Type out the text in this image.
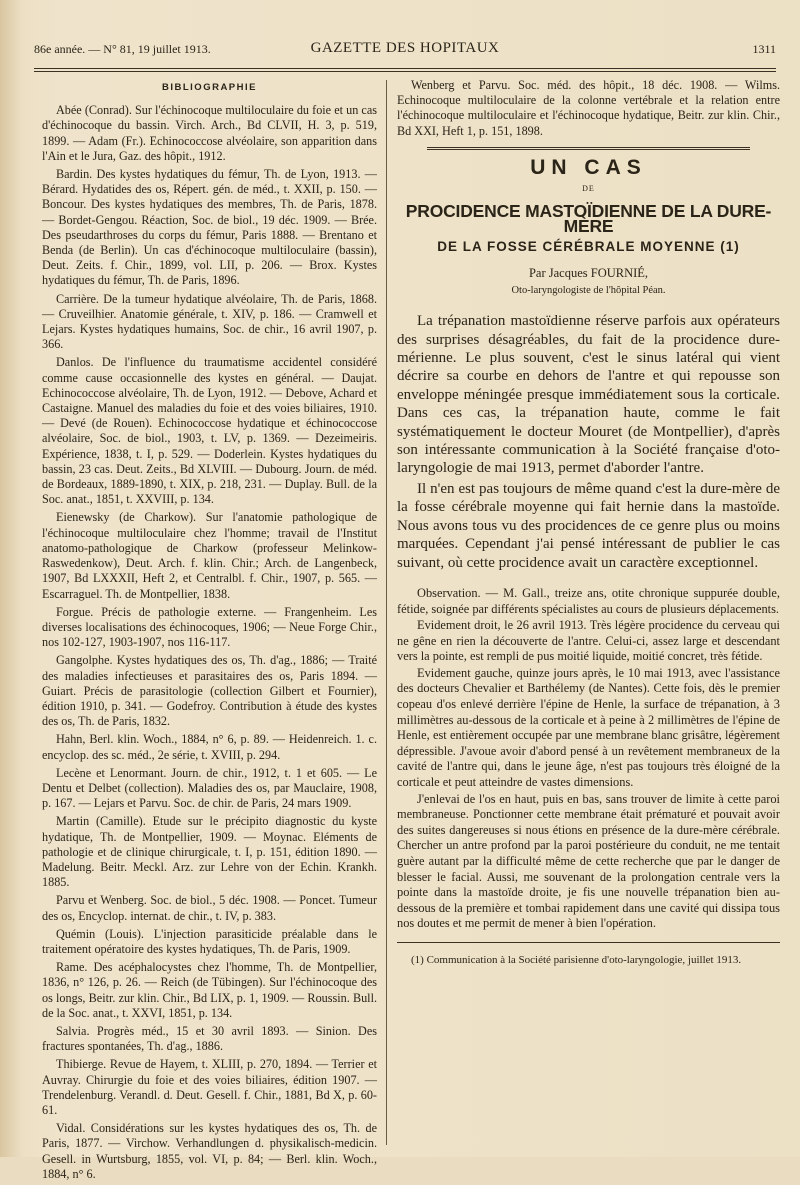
86e année. — N° 81, 19 juillet 1913.	GAZETTE DES HOPITAUX	1311
BIBLIOGRAPHIE

Abée (Conrad). Sur l'échinocoque multiloculaire du foie et un cas d'échinocoque du bassin. Virch. Arch., Bd CLVII, H. 3, p. 519, 1899. — Adam (Fr.). Echinococcose alvéolaire, son apparition dans l'Ain et le Jura, Gaz. des hôpit., 1912.

Bardin. Des kystes hydatiques du fémur, Th. de Lyon, 1913. — Bérard. Hydatides des os, Répert. gén. de méd., t. XXII, p. 150. — Boncour. Des kystes hydatiques des membres, Th. de Paris, 1878. — Bordet-Gengou. Réaction, Soc. de biol., 19 déc. 1909. — Brée. Des pseudarthroses du corps du fémur, Paris 1888. — Brentano et Benda (de Berlin). Un cas d'échinocoque multiloculaire (bassin), Deut. Zeits. f. Chir., 1899, vol. LII, p. 206. — Brox. Kystes hydatiques du fémur, Th. de Paris, 1896.

Carrière. De la tumeur hydatique alvéolaire, Th. de Paris, 1868. — Cruveilhier. Anatomie générale, t. XIV, p. 186. — Cramwell et Lejars. Kystes hydatiques humains, Soc. de chir., 16 avril 1907, p. 366.

Danlos. De l'influence du traumatisme accidentel considéré comme cause occasionnelle des kystes en général. — Daujat. Echinococcose alvéolaire, Th. de Lyon, 1912. — Debove, Achard et Castaigne. Manuel des maladies du foie et des voies biliaires, 1910. — Devé (de Rouen). Echinococcose hydatique et échinococcose alvéolaire, Soc. de biol., 1903, t. LV, p. 1369. — Dezeimeiris. Expérience, 1838, t. I, p. 529. — Doderlein. Kystes hydatiques du bassin, 23 cas. Deut. Zeits., Bd XLVIII. — Dubourg. Journ. de méd. de Bordeaux, 1889-1890, t. XIX, p. 218, 231. — Duplay. Bull. de la Soc. anat., 1851, t. XXVIII, p. 134.

Eienewsky (de Charkow). Sur l'anatomie pathologique de l'échinocoque multiloculaire chez l'homme; travail de l'Institut anatomo-pathologique de Charkow (professeur Melinkow-Raswedenkow), Deut. Arch. f. klin. Chir.; Arch. de Langenbeck, 1907, Bd LXXXII, Heft 2, et Centralbl. f. Chir., 1907, p. 565. — Escarraguel. Th. de Montpellier, 1838.

Forgue. Précis de pathologie externe. — Frangenheim. Les diverses localisations des échinocoques, 1906; — Neue Forge Chir., nos 102-127, 1903-1907, nos 116-117.

Gangolphe. Kystes hydatiques des os, Th. d'ag., 1886; — Traité des maladies infectieuses et parasitaires des os, Paris 1894. — Guiart. Précis de parasitologie (collection Gilbert et Fournier), édition 1910, p. 341. — Godefroy. Contribution à étude des kystes des os, Th. de Paris, 1832.

Hahn, Berl. klin. Woch., 1884, n° 6, p. 89. — Heidenreich. 1. c. encyclop. des sc. méd., 2e série, t. XVIII, p. 294.

Lecène et Lenormant. Journ. de chir., 1912, t. 1 et 605. — Le Dentu et Delbet (collection). Maladies des os, par Mauclaire, 1908, p. 167. — Lejars et Parvu. Soc. de chir. de Paris, 24 mars 1909.

Martin (Camille). Etude sur le précipito diagnostic du kyste hydatique, Th. de Montpellier, 1909. — Moynac. Eléments de pathologie et de clinique chirurgicale, t. I, p. 151, édition 1890. — Madelung. Beitr. Meckl. Arz. zur Lehre von der Echin. Krankh. 1885.

Parvu et Wenberg. Soc. de biol., 5 déc. 1908. — Poncet. Tumeur des os, Encyclop. internat. de chir., t. IV, p. 383.

Quémin (Louis). L'injection parasiticide préalable dans le traitement opératoire des kystes hydatiques, Th. de Paris, 1909.

Rame. Des acéphalocystes chez l'homme, Th. de Montpellier, 1836, n° 126, p. 26. — Reich (de Tübingen). Sur l'échinocoque des os longs, Beitr. zur klin. Chir., Bd LIX, p. 1, 1909. — Roussin. Bull. de la Soc. anat., t. XXVI, 1851, p. 134.

Salvia. Progrès méd., 15 et 30 avril 1893. — Sinion. Des fractures spontanées, Th. d'ag., 1886.

Thibierge. Revue de Hayem, t. XLIII, p. 270, 1894. — Terrier et Auvray. Chirurgie du foie et des voies biliaires, édition 1907. — Trendelenburg. Verandl. d. Deut. Gesell. f. Chir., 1881, Bd X, p. 60-61.

Vidal. Considérations sur les kystes hydatiques des os, Th. de Paris, 1877. — Virchow. Verhandlungen d. physikalisch-medicin. Gesell. in Wurtsburg, 1855, vol. VI, p. 84; — Berl. klin. Woch., 1884, n° 6.

Wenberg et Parvu. Soc. méd. des hôpit., 18 déc. 1908. — Wilms. Echinocoque multiloculaire de la colonne vertébrale et la relation entre l'échinocoque multiloculaire et l'échinocoque hydatique, Beitr. zur klin. Chir., Bd XXI, Heft 1, p. 151, 1898.

UN CAS
DE
PROCIDENCE MASTOÏDIENNE DE LA DURE-MÈRE
DE LA FOSSE CÉRÉBRALE MOYENNE (1)
Par Jacques FOURNIÉ,
Oto-laryngologiste de l'hôpital Péan.

La trépanation mastoïdienne réserve parfois aux opérateurs des surprises désagréables, du fait de la procidence dure-mérienne. Le plus souvent, c'est le sinus latéral qui vient décrire sa courbe en dehors de l'antre et qui repousse son enveloppe méningée presque immédiatement sous la corticale. Dans ces cas, la trépanation haute, comme le fait systématiquement le docteur Mouret (de Montpellier), d'après son intéressante communication à la Société française d'oto-laryngologie de mai 1913, permet d'aborder l'antre.

Il n'en est pas toujours de même quand c'est la dure-mère de la fosse cérébrale moyenne qui fait hernie dans la mastoïde. Nous avons tous vu des procidences de ce genre plus ou moins marquées. Cependant j'ai pensé intéressant de publier le cas suivant, où cette procidence avait un caractère exceptionnel.

Observation. — M. Gall., treize ans, otite chronique suppurée double, fétide, soignée par différents spécialistes au cours de plusieurs déplacements.

Evidement droit, le 26 avril 1913. Très légère procidence du cerveau qui ne gêne en rien la découverte de l'antre. Celui-ci, assez large et descendant vers la pointe, est rempli de pus moitié liquide, moitié concret, très fétide.

Evidement gauche, quinze jours après, le 10 mai 1913, avec l'assistance des docteurs Chevalier et Barthélemy (de Nantes). Cette fois, dès le premier copeau d'os enlevé derrière l'épine de Henle, la surface de trépanation, à 3 millimètres au-dessous de la corticale et à peine à 2 millimètres de l'épine de Henle, est entièrement occupée par une membrane blanc grisâtre, légèrement dépressible. J'avoue avoir d'abord pensé à un revêtement membraneux de la cavité de l'antre qui, dans le jeune âge, n'est pas toujours très éloigné de la corticale et peut atteindre de vastes dimensions.

J'enlevai de l'os en haut, puis en bas, sans trouver de limite à cette paroi membraneuse. Ponctionner cette membrane était prématuré et pouvait avoir des suites dangereuses si nous étions en présence de la dure-mère cérébrale. Chercher un antre profond par la paroi postérieure du conduit, ne me tentait guère autant par la difficulté même de cette recherche que par le danger de blesser le facial. Aussi, me souvenant de la prolongation centrale vers la pointe dans la mastoïde droite, je fis une nouvelle trépanation bien au-dessous de la première et tombai rapidement dans une cavité qui dissipa tous nos doutes et me permit de mener à bien l'opération.

(1) Communication à la Société parisienne d'oto-laryngologie, juillet 1913.
